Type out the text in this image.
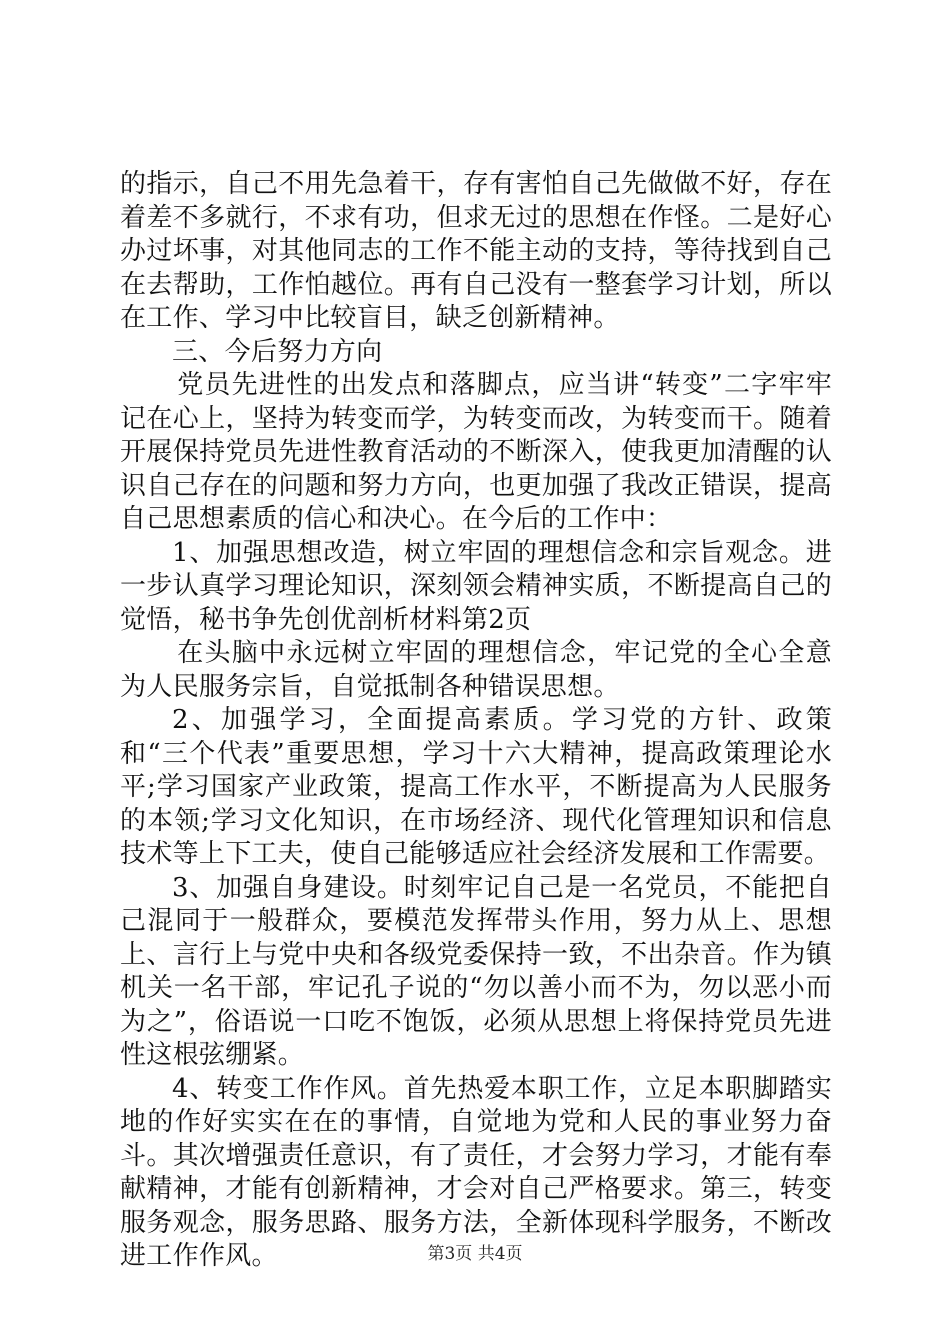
的指示，自己不用先急着干，存有害怕自己先做做不好，存在着差不多就行，不求有功，但求无过的思想在作怪。二是好心办过坏事，对其他同志的工作不能主动的支持，等待找到自己在去帮助，工作怕越位。再有自己没有一整套学习计划，所以在工作、学习中比较盲目，缺乏创新精神。

三、今后努力方向

党员先进性的出发点和落脚点，应当讲“转变”二字牢牢记在心上，坚持为转变而学，为转变而改，为转变而干。随着开展保持党员先进性教育活动的不断深入，使我更加清醒的认识自己存在的问题和努力方向，也更加强了我改正错误，提高自己思想素质的信心和决心。在今后的工作中：

1、加强思想改造，树立牢固的理想信念和宗旨观念。进一步认真学习理论知识，深刻领会精神实质，不断提高自己的觉悟，秘书争先创优剖析材料第2页

在头脑中永远树立牢固的理想信念，牢记党的全心全意为人民服务宗旨，自觉抵制各种错误思想。

2、加强学习，全面提高素质。学习党的方针、政策和“三个代表”重要思想，学习十六大精神，提高政策理论水平;学习国家产业政策，提高工作水平，不断提高为人民服务的本领;学习文化知识，在市场经济、现代化管理知识和信息技术等上下工夫，使自己能够适应社会经济发展和工作需要。

3、加强自身建设。时刻牢记自己是一名党员，不能把自己混同于一般群众，要模范发挥带头作用，努力从上、思想上、言行上与党中央和各级党委保持一致，不出杂音。作为镇机关一名干部，牢记孔子说的“勿以善小而不为，勿以恶小而为之”，俗语说一口吃不饱饭，必须从思想上将保持党员先进性这根弦绷紧。

4、转变工作作风。首先热爱本职工作，立足本职脚踏实地的作好实实在在的事情，自觉地为党和人民的事业努力奋斗。其次增强责任意识，有了责任，才会努力学习，才能有奉献精神，才能有创新精神，才会对自己严格要求。第三，转变服务观念，服务思路、服务方法，全新体现科学服务，不断改进工作作风。	第3页 共4页
